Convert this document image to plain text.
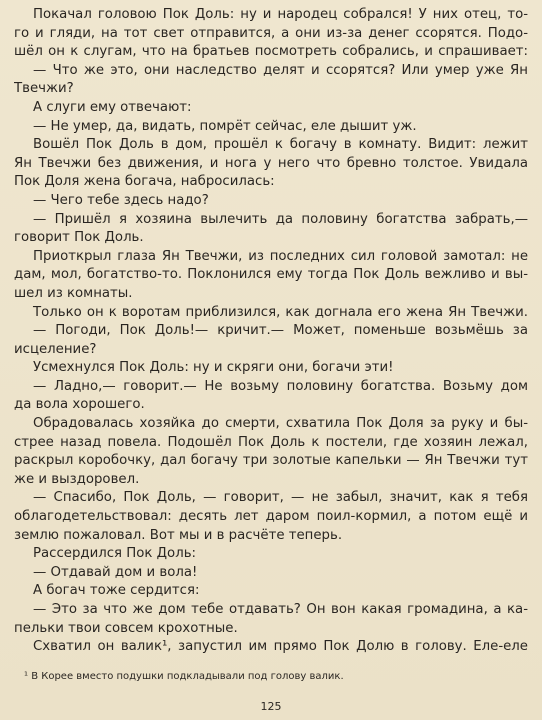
Покачал головою Пок Доль: ну и народец собрался! У них отец, то-
го и гляди, на тот свет отправится, а они из-за денег ссорятся. Подо-
шёл он к слугам, что на братьев посмотреть собрались, и спрашивает:
— Что же это, они наследство делят и ссорятся? Или умер уже Ян
Твечжи?
А слуги ему отвечают:
— Не умер, да, видать, помрёт сейчас, еле дышит уж.
Вошёл Пок Доль в дом, прошёл к богачу в комнату. Видит: лежит
Ян Твечжи без движения, и нога у него что бревно толстое. Увидала
Пок Доля жена богача, набросилась:
— Чего тебе здесь надо?
— Пришёл я хозяина вылечить да половину богатства забрать,—
говорит Пок Доль.
Приоткрыл глаза Ян Твечжи, из последних сил головой замотал: не
дам, мол, богатство-то. Поклонился ему тогда Пок Доль вежливо и вы-
шел из комнаты.
Только он к воротам приблизился, как догнала его жена Ян Твечжи.
— Погоди, Пок Доль!— кричит.— Может, поменьше возьмёшь за
исцеление?
Усмехнулся Пок Доль: ну и скряги они, богачи эти!
— Ладно,— говорит.— Не возьму половину богатства. Возьму дом
да вола хорошего.
Обрадовалась хозяйка до смерти, схватила Пок Доля за руку и бы-
стрее назад повела. Подошёл Пок Доль к постели, где хозяин лежал,
раскрыл коробочку, дал богачу три золотые капельки — Ян Твечжи тут
же и выздоровел.
— Спасибо, Пок Доль, — говорит, — не забыл, значит, как я тебя
облагодетельствовал: десять лет даром поил-кормил, а потом ещё и
землю пожаловал. Вот мы и в расчёте теперь.
Рассердился Пок Доль:
— Отдавай дом и вола!
А богач тоже сердится:
— Это за что же дом тебе отдавать? Он вон какая громадина, а ка-
пельки твои совсем крохотные.
Схватил он валик¹, запустил им прямо Пок Долю в голову. Еле-еле
¹ В Корее вместо подушки подкладывали под голову валик.
125
